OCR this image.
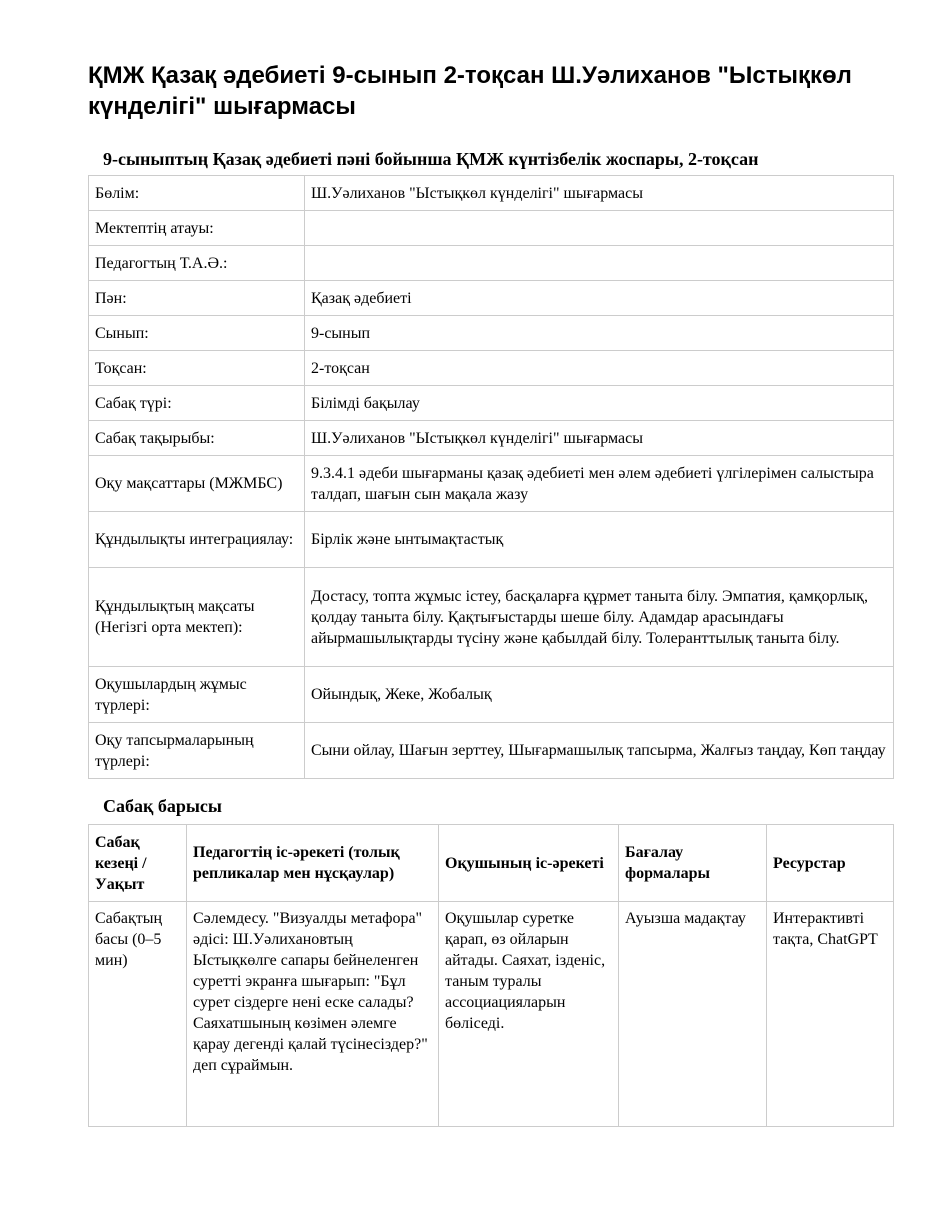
ҚМЖ Қазақ әдебиеті 9-сынып 2-тоқсан Ш.Уәлиханов "Ыстықкөл күнделігі" шығармасы
9-сыныптың Қазақ әдебиеті пәні бойынша ҚМЖ күнтізбелік жоспары, 2-тоқсан
Бөлім:	Ш.Уәлиханов "Ыстықкөл күнделігі" шығармасы
Мектептің атауы:	
Педагогтың Т.А.Ә.:	
Пән:	Қазақ әдебиеті
Сынып:	9-сынып
Тоқсан:	2-тоқсан
Сабақ түрі:	Білімді бақылау
Сабақ тақырыбы:	Ш.Уәлиханов "Ыстықкөл күнделігі" шығармасы
Оқу мақсаттары (МЖМБС)	9.3.4.1 әдеби шығарманы қазақ әдебиеті мен әлем әдебиеті үлгілерімен салыстыра талдап, шағын сын мақала жазу
Құндылықты интеграциялау:	Бірлік және ынтымақтастық
Құндылықтың мақсаты (Негізгі орта мектеп):	Достасу, топта жұмыс істеу, басқаларға құрмет таныта білу. Эмпатия, қамқорлық, қолдау таныта білу. Қақтығыстарды шеше білу. Адамдар арасындағы айырмашылықтарды түсіну және қабылдай білу. Толеранттылық таныта білу.
Оқушылардың жұмыс түрлері:	Ойындық, Жеке, Жобалық
Оқу тапсырмаларының түрлері:	Сыни ойлау, Шағын зерттеу, Шығармашылық тапсырма, Жалғыз таңдау, Көп таңдау
Сабақ барысы
Сабақ кезеңі / Уақыт	Педагогтің іс-әрекеті (толық репликалар мен нұсқаулар)	Оқушының іс-әрекеті	Бағалау формалары	Ресурстар
Сабақтың басы (0–5 мин)	Сәлемдесу. "Визуалды метафора" әдісі: Ш.Уәлихановтың Ыстықкөлге сапары бейнеленген суретті экранға шығарып: "Бұл сурет сіздерге нені еске салады? Саяхатшының көзімен әлемге қарау дегенді қалай түсінесіздер?" деп сұраймын.	Оқушылар суретке қарап, өз ойларын айтады. Саяхат, ізденіс, таным туралы ассоциацияларын бөліседі.	Ауызша мадақтау	Интерактивті тақта, ChatGPT
